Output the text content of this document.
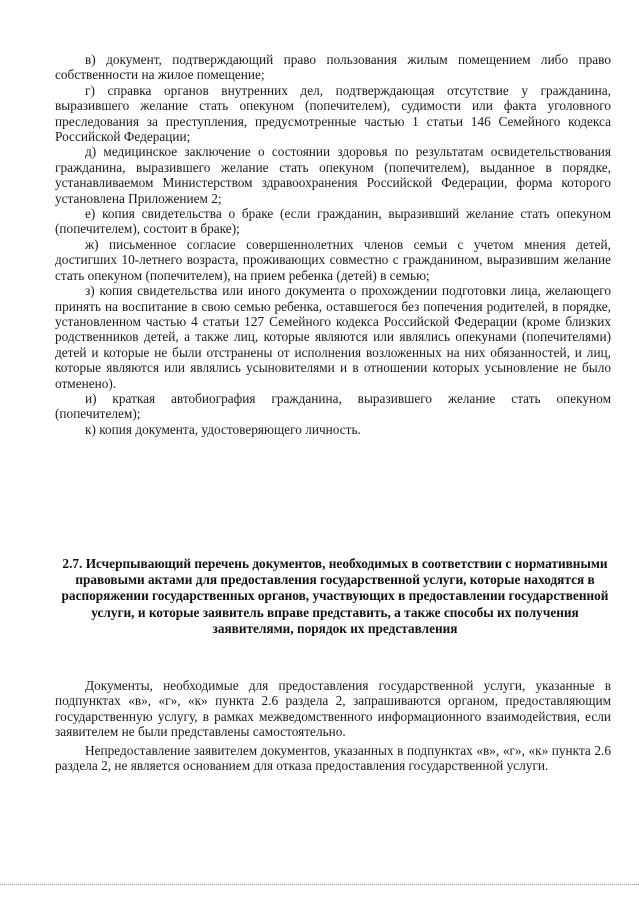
в) документ, подтверждающий право пользования жилым помещением либо право собственности на жилое помещение;

г) справка органов внутренних дел, подтверждающая отсутствие у гражданина, выразившего желание стать опекуном (попечителем), судимости или факта уголовного преследования за преступления, предусмотренные частью 1 статьи 146 Семейного кодекса Российской Федерации;

д) медицинское заключение о состоянии здоровья по результатам освидетельствования гражданина, выразившего желание стать опекуном (попечителем), выданное в порядке, устанавливаемом Министерством здравоохранения Российской Федерации, форма которого установлена Приложением 2;

е) копия свидетельства о браке (если гражданин, выразивший желание стать опекуном (попечителем), состоит в браке);

ж) письменное согласие совершеннолетних членов семьи с учетом мнения детей, достигших 10-летнего возраста, проживающих совместно с гражданином, выразившим желание стать опекуном (попечителем), на прием ребенка (детей) в семью;

з) копия свидетельства или иного документа о прохождении подготовки лица, желающего принять на воспитание в свою семью ребенка, оставшегося без попечения родителей, в порядке, установленном частью 4 статьи 127 Семейного кодекса Российской Федерации (кроме близких родственников детей, а также лиц, которые являются или являлись опекунами (попечителями) детей и которые не были отстранены от исполнения возложенных на них обязанностей, и лиц, которые являются или являлись усыновителями и в отношении которых усыновление не было отменено).

и) краткая автобиография гражданина, выразившего желание стать опекуном (попечителем);

к) копия документа, удостоверяющего личность.

2.7. Исчерпывающий перечень документов, необходимых в соответствии с нормативными правовыми актами для предоставления государственной услуги, которые находятся в распоряжении государственных органов, участвующих в предоставлении государственной услуги, и которые заявитель вправе представить, а также способы их получения заявителями, порядок их представления

Документы, необходимые для предоставления государственной услуги, указанные в подпунктах «в», «г», «к» пункта 2.6 раздела 2, запрашиваются органом, предоставляющим государственную услугу, в рамках межведомственного информационного взаимодействия, если заявителем не были представлены самостоятельно.

Непредоставление заявителем документов, указанных в подпунктах «в», «г», «к» пункта 2.6 раздела 2, не является основанием для отказа предоставления государственной услуги.
